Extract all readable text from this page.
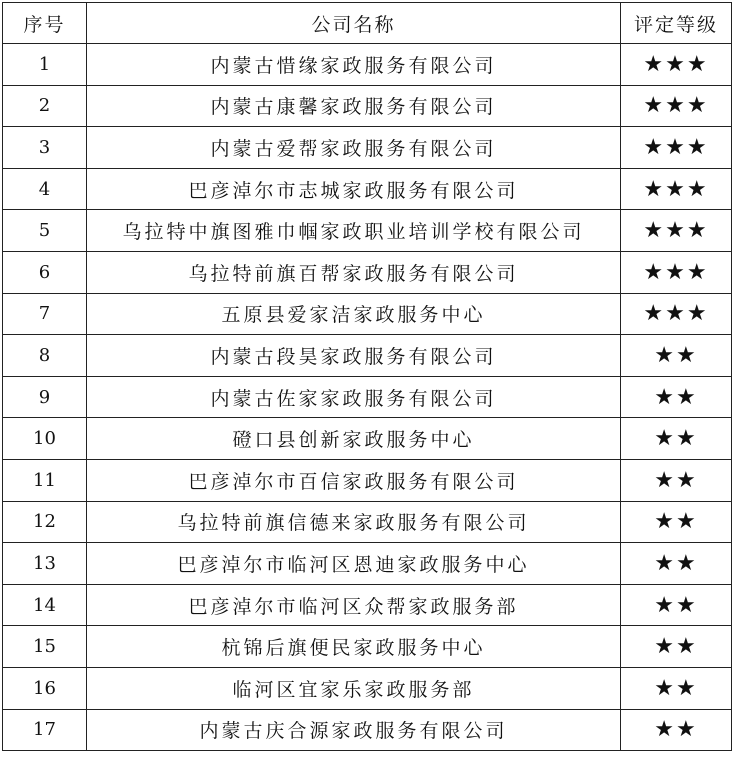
序号	公司名称	评定等级
1	内蒙古惜缘家政服务有限公司	★★★
2	内蒙古康馨家政服务有限公司	★★★
3	内蒙古爱帮家政服务有限公司	★★★
4	巴彦淖尔市志城家政服务有限公司	★★★
5	乌拉特中旗图雅巾帼家政职业培训学校有限公司	★★★
6	乌拉特前旗百帮家政服务有限公司	★★★
7	五原县爱家洁家政服务中心	★★★
8	内蒙古段昊家政服务有限公司	★★
9	内蒙古佐家家政服务有限公司	★★
10	磴口县创新家政服务中心	★★
11	巴彦淖尔市百信家政服务有限公司	★★
12	乌拉特前旗信德来家政服务有限公司	★★
13	巴彦淖尔市临河区恩迪家政服务中心	★★
14	巴彦淖尔市临河区众帮家政服务部	★★
15	杭锦后旗便民家政服务中心	★★
16	临河区宜家乐家政服务部	★★
17	内蒙古庆合源家政服务有限公司	★★
